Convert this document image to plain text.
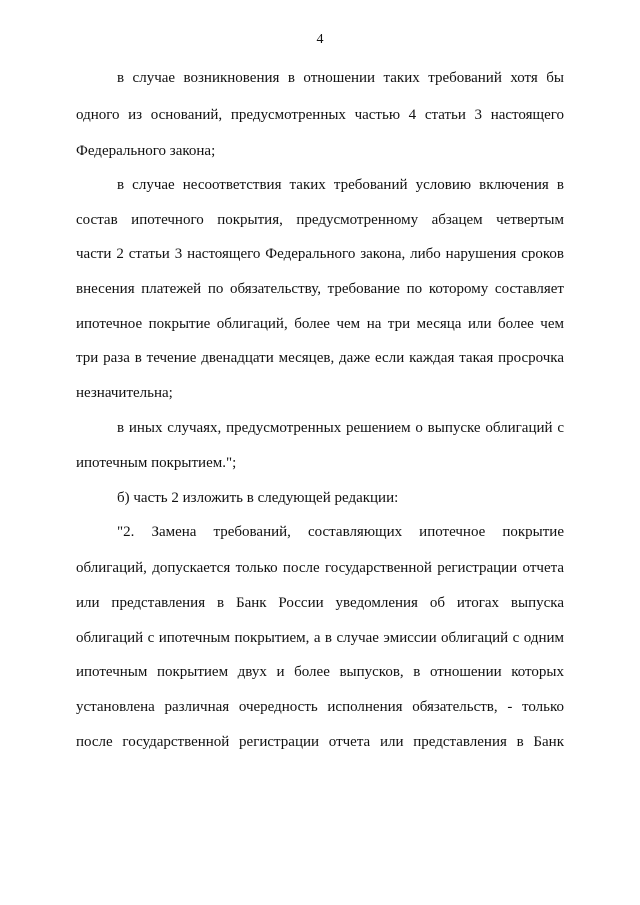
4
в случае возникновения в отношении таких требований хотя бы
одного из оснований, предусмотренных частью 4 статьи 3 настоящего
Федерального закона;
в случае несоответствия таких требований условию включения в
состав ипотечного покрытия, предусмотренному абзацем четвертым
части 2 статьи 3 настоящего Федерального закона, либо нарушения сроков
внесения платежей по обязательству, требование по которому составляет
ипотечное покрытие облигаций, более чем на три месяца или более чем
три раза в течение двенадцати месяцев, даже если каждая такая просрочка
незначительна;
в иных случаях, предусмотренных решением о выпуске облигаций с
ипотечным покрытием.";
б) часть 2 изложить в следующей редакции:
"2. Замена требований, составляющих ипотечное покрытие
облигаций, допускается только после государственной регистрации отчета
или представления в Банк России уведомления об итогах выпуска
облигаций с ипотечным покрытием, а в случае эмиссии облигаций с одним
ипотечным покрытием двух и более выпусков, в отношении которых
установлена различная очередность исполнения обязательств, - только
после государственной регистрации отчета или представления в Банк
